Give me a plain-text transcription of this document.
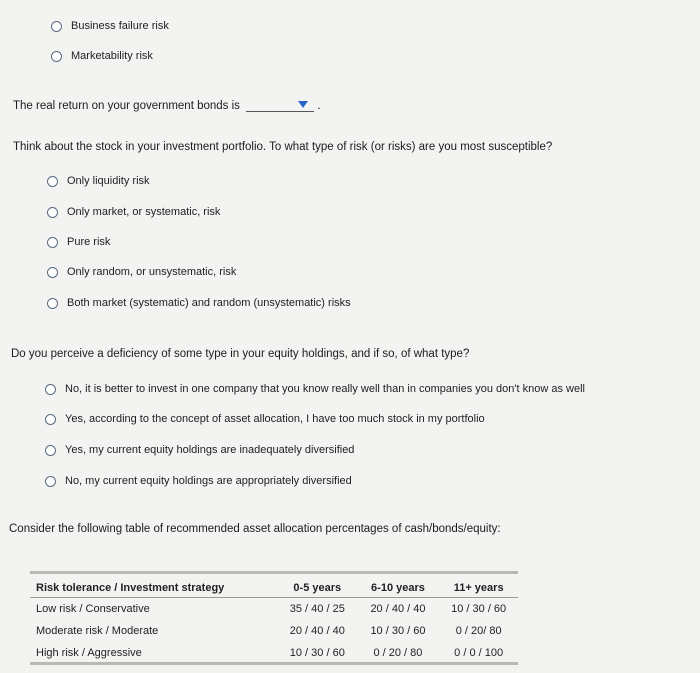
Business failure risk
Marketability risk
The real return on your government bonds is	.
Think about the stock in your investment portfolio. To what type of risk (or risks) are you most susceptible?
Only liquidity risk
Only market, or systematic, risk
Pure risk
Only random, or unsystematic, risk
Both market (systematic) and random (unsystematic) risks
Do you perceive a deficiency of some type in your equity holdings, and if so, of what type?
No, it is better to invest in one company that you know really well than in companies you don't know as well
Yes, according to the concept of asset allocation, I have too much stock in my portfolio
Yes, my current equity holdings are inadequately diversified
No, my current equity holdings are appropriately diversified
Consider the following table of recommended asset allocation percentages of cash/bonds/equity:
Risk tolerance / Investment strategy	0-5 years	6-10 years	11+ years
Low risk / Conservative	35 / 40 / 25	20 / 40 / 40	10 / 30 / 60
Moderate risk / Moderate	20 / 40 / 40	10 / 30 / 60	0 / 20/ 80
High risk / Aggressive	10 / 30 / 60	0 / 20 / 80	0 / 0 / 100
